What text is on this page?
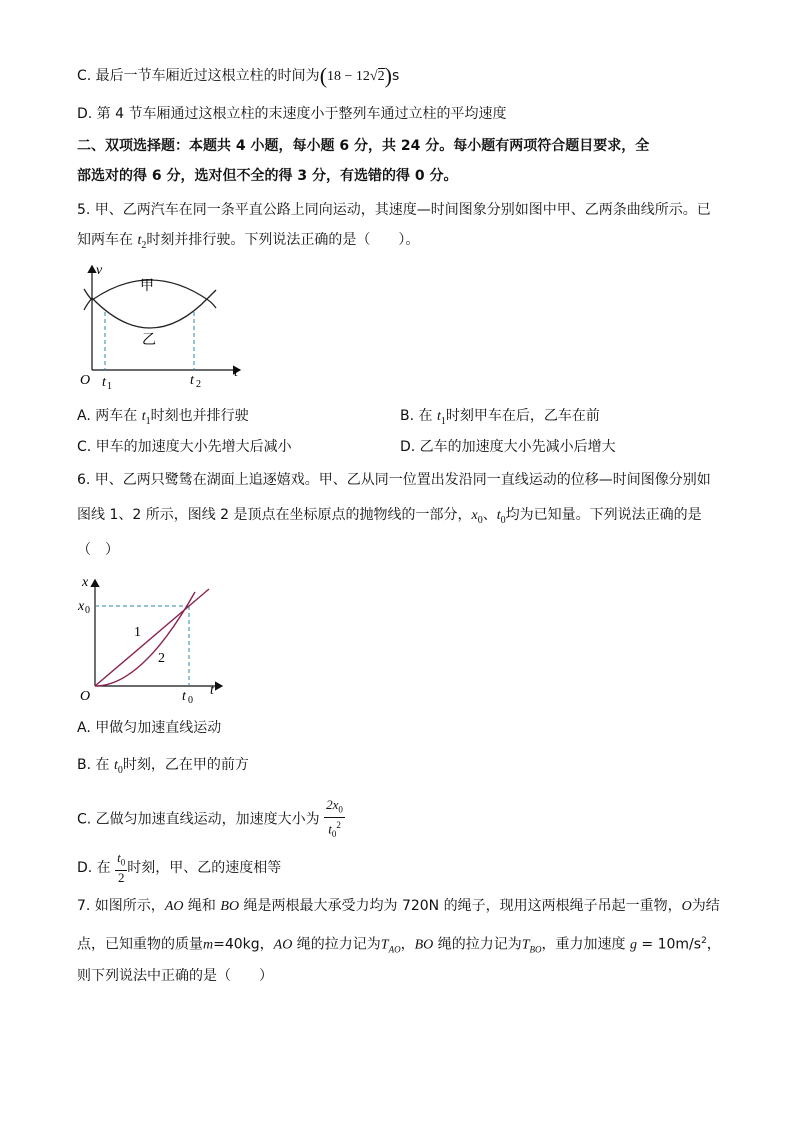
C. 最后一节车厢近过这根立柱的时间为(18 − 12√2)s
D. 第 4 节车厢通过这根立柱的末速度小于整列车通过立柱的平均速度
二、双项选择题：本题共 4 小题，每小题 6 分，共 24 分。每小题有两项符合题目要求，全
部选对的得 6 分，选对但不全的得 3 分，有选错的得 0 分。
5. 甲、乙两汽车在同一条平直公路上同向运动，其速度—时间图象分别如图中甲、乙两条曲线所示。已
知两车在 $t_2$时刻并排行驶。下列说法正确的是（　　）。
v
t
O
甲
乙
t 1	t 2
A. 两车在 $t_1$时刻也并排行驶	B. 在 $t_1$时刻甲车在后，乙车在前
C. 甲车的加速度大小先增大后减小	D. 乙车的加速度大小先减小后增大
6. 甲、乙两只鹭鸶在湖面上追逐嬉戏。甲、乙从同一位置出发沿同一直线运动的位移—时间图像分别如
图线 1、2 所示，图线 2 是顶点在坐标原点的抛物线的一部分，$x_0$、$t_0$均为已知量。下列说法正确的是
（　）
x
x 0
1
2
O	t 0
t
A. 甲做匀加速直线运动
B. 在 $t_0$时刻，乙在甲的前方
C. 乙做匀加速直线运动，加速度大小为 $\frac{2x_0}{t_0^2}$
D. 在 $\frac{t_0}{2}$ 时刻，甲、乙的速度相等
7. 如图所示，AO 绳和 BO 绳是两根最大承受力均为 720N 的绳子，现用这两根绳子吊起一重物，O为结
点，已知重物的质量m=40kg，AO 绳的拉力记为$T_{AO}$，BO 绳的拉力记为$T_{BO}$，重力加速度 $g = 10m/s^2$，
则下列说法中正确的是（　　）
